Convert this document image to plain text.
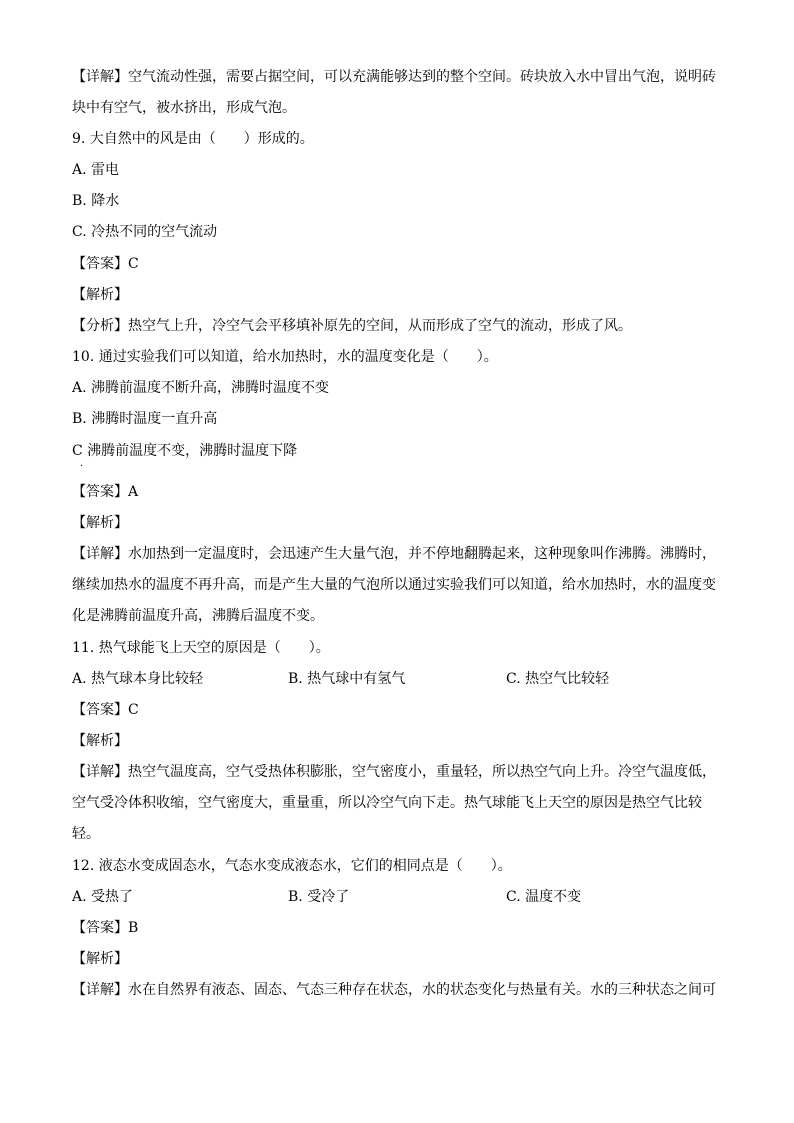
【详解】空气流动性强，需要占据空间，可以充满能够达到的整个空间。砖块放入水中冒出气泡，说明砖
块中有空气，被水挤出，形成气泡。
9. 大自然中的风是由（　　）形成的。
A. 雷电
B. 降水
C. 冷热不同的空气流动
【答案】C
【解析】
【分析】热空气上升，冷空气会平移填补原先的空间，从而形成了空气的流动，形成了风。
10. 通过实验我们可以知道，给水加热时，水的温度变化是（　　）。
A. 沸腾前温度不断升高，沸腾时温度不变
B. 沸腾时温度一直升高
C 沸腾前温度不变，沸腾时温度下降
·
【答案】A
【解析】
【详解】水加热到一定温度时，会迅速产生大量气泡，并不停地翻腾起来，这种现象叫作沸腾。沸腾时，
继续加热水的温度不再升高，而是产生大量的气泡所以通过实验我们可以知道，给水加热时，水的温度变
化是沸腾前温度升高，沸腾后温度不变。
11. 热气球能飞上天空的原因是（　　）。
A. 热气球本身比较轻	B. 热气球中有氢气	C. 热空气比较轻
【答案】C
【解析】
【详解】热空气温度高，空气受热体积膨胀，空气密度小，重量轻，所以热空气向上升。冷空气温度低，
空气受冷体积收缩，空气密度大，重量重，所以冷空气向下走。热气球能飞上天空的原因是热空气比较
轻。
12. 液态水变成固态水，气态水变成液态水，它们的相同点是（　　）。
A. 受热了	B. 受冷了	C. 温度不变
【答案】B
【解析】
【详解】水在自然界有液态、固态、气态三种存在状态，水的状态变化与热量有关。水的三种状态之间可
